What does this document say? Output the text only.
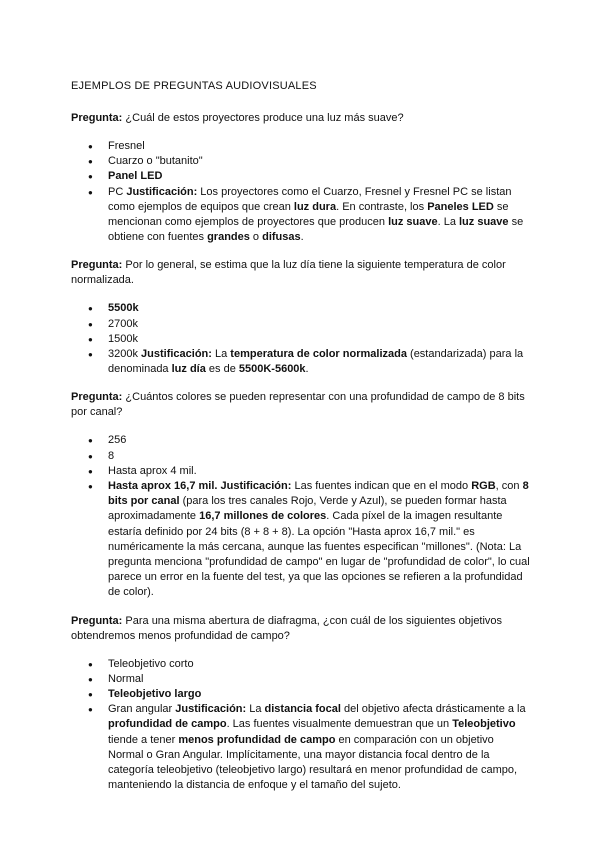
EJEMPLOS DE PREGUNTAS AUDIOVISUALES

Pregunta: ¿Cuál de estos proyectores produce una luz más suave?

● Fresnel
● Cuarzo o "butanito"
● Panel LED
● PC Justificación: Los proyectores como el Cuarzo, Fresnel y Fresnel PC se listan como ejemplos de equipos que crean luz dura. En contraste, los Paneles LED se mencionan como ejemplos de proyectores que producen luz suave. La luz suave se obtiene con fuentes grandes o difusas.

Pregunta: Por lo general, se estima que la luz día tiene la siguiente temperatura de color normalizada.

● 5500k
● 2700k
● 1500k
● 3200k Justificación: La temperatura de color normalizada (estandarizada) para la denominada luz día es de 5500K-5600k.

Pregunta: ¿Cuántos colores se pueden representar con una profundidad de campo de 8 bits por canal?

● 256
● 8
● Hasta aprox 4 mil.
● Hasta aprox 16,7 mil. Justificación: Las fuentes indican que en el modo RGB, con 8 bits por canal (para los tres canales Rojo, Verde y Azul), se pueden formar hasta aproximadamente 16,7 millones de colores. Cada píxel de la imagen resultante estaría definido por 24 bits (8 + 8 + 8). La opción "Hasta aprox 16,7 mil." es numéricamente la más cercana, aunque las fuentes especifican "millones". (Nota: La pregunta menciona "profundidad de campo" en lugar de "profundidad de color", lo cual parece un error en la fuente del test, ya que las opciones se refieren a la profundidad de color).

Pregunta: Para una misma abertura de diafragma, ¿con cuál de los siguientes objetivos obtendremos menos profundidad de campo?

● Teleobjetivo corto
● Normal
● Teleobjetivo largo
● Gran angular Justificación: La distancia focal del objetivo afecta drásticamente a la profundidad de campo. Las fuentes visualmente demuestran que un Teleobjetivo tiende a tener menos profundidad de campo en comparación con un objetivo Normal o Gran Angular. Implícitamente, una mayor distancia focal dentro de la categoría teleobjetivo (teleobjetivo largo) resultará en menor profundidad de campo, manteniendo la distancia de enfoque y el tamaño del sujeto.
